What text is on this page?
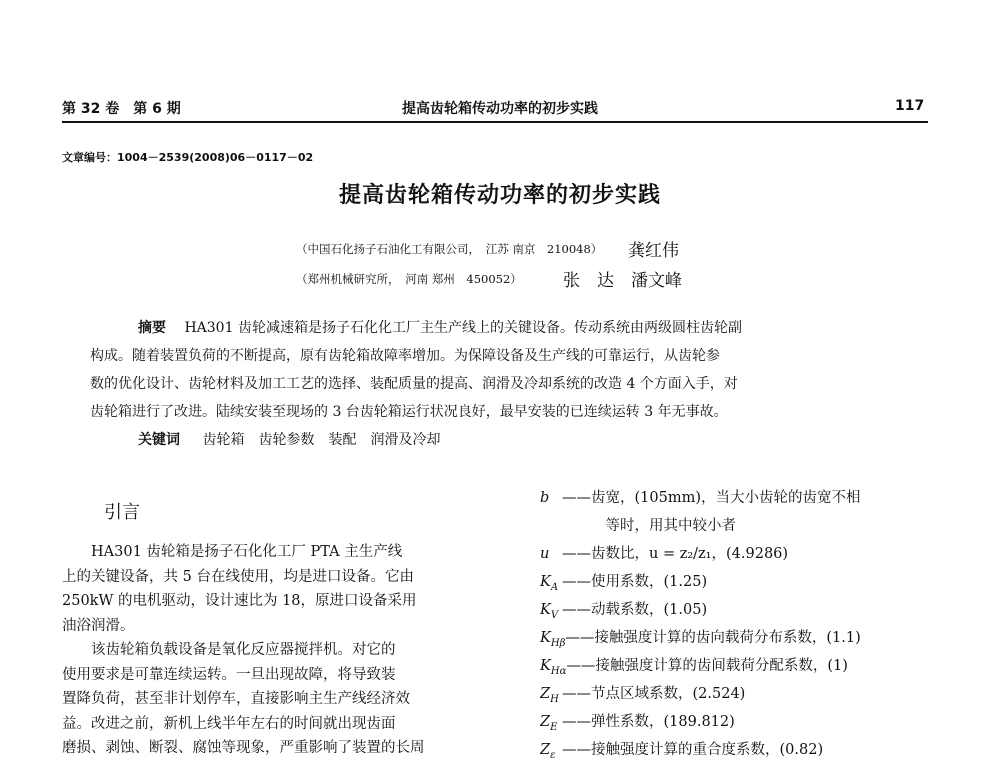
第 32 卷　第 6 期	提高齿轮箱传动功率的初步实践	117
文章编号：1004－2539(2008)06－0117－02
提高齿轮箱传动功率的初步实践
（中国石化扬子石油化工有限公司，　江苏 南京　210048） 龚红伟
（郑州机械研究所，　河南 郑州　450052） 张　达　潘文峰
摘要 HA301 齿轮减速箱是扬子石化化工厂主生产线上的关键设备。传动系统由两级圆柱齿轮副
构成。随着装置负荷的不断提高，原有齿轮箱故障率增加。为保障设备及生产线的可靠运行，从齿轮参
数的优化设计、齿轮材料及加工工艺的选择、装配质量的提高、润滑及冷却系统的改造 4 个方面入手，对
齿轮箱进行了改进。陆续安装至现场的 3 台齿轮箱运行状况良好，最早安装的已连续运转 3 年无事故。
关键词 齿轮箱　齿轮参数　装配　润滑及冷却
引言
　　HA301 齿轮箱是扬子石化化工厂 PTA 主生产线
上的关键设备，共 5 台在线使用，均是进口设备。它由
250kW 的电机驱动，设计速比为 18，原进口设备采用
油浴润滑。
　　该齿轮箱负载设备是氧化反应器搅拌机。对它的
使用要求是可靠连续运转。一旦出现故障，将导致装
置降负荷，甚至非计划停车，直接影响主生产线经济效
益。改进之前，新机上线半年左右的时间就出现齿面
磨损、剥蚀、断裂、腐蚀等现象，严重影响了装置的长周
b ——齿宽，(105mm)，当大小齿轮的齿宽不相
　　　等时，用其中较小者
u ——齿数比，u = z₂/z₁，(4.9286)
$K_A$ ——使用系数，(1.25)
$K_V$ ——动载系数，(1.05)
$K_{H\beta}——$接触强度计算的齿向载荷分布系数，(1.1)
$K_{H\alpha}——$接触强度计算的齿间载荷分配系数，(1)
$Z_H$ ——节点区域系数，(2.524)
$Z_E$ ——弹性系数，(189.812)
$Z_\varepsilon$ ——接触强度计算的重合度系数，(0.82)
